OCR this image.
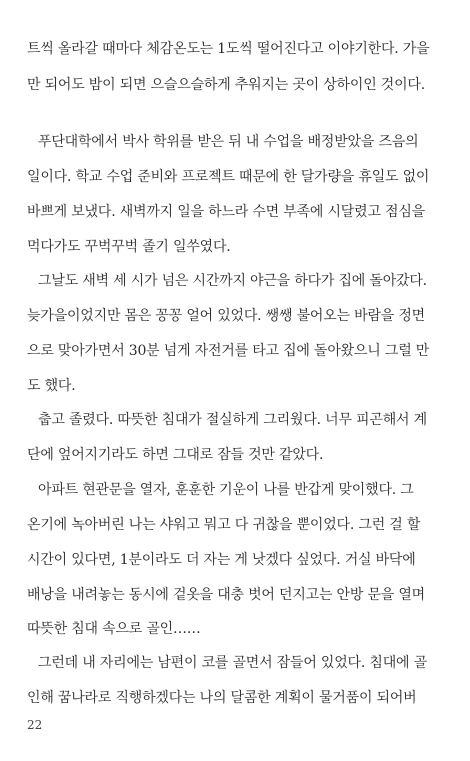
트씩 올라갈 때마다 체감온도는 1도씩 떨어진다고 이야기한다. 가을
만 되어도 밤이 되면 으슬으슬하게 추워지는 곳이 상하이인 것이다.
푸단대학에서 박사 학위를 받은 뒤 내 수업을 배정받았을 즈음의
일이다. 학교 수업 준비와 프로젝트 때문에 한 달가량을 휴일도 없이
바쁘게 보냈다. 새벽까지 일을 하느라 수면 부족에 시달렸고 점심을
먹다가도 꾸벅꾸벅 졸기 일쑤였다.
그날도 새벽 세 시가 넘은 시간까지 야근을 하다가 집에 돌아갔다.
늦가을이었지만 몸은 꽁꽁 얼어 있었다. 쌩쌩 불어오는 바람을 정면
으로 맞아가면서 30분 넘게 자전거를 타고 집에 돌아왔으니 그럴 만
도 했다.
춥고 졸렸다. 따뜻한 침대가 절실하게 그리웠다. 너무 피곤해서 계
단에 엎어지기라도 하면 그대로 잠들 것만 같았다.
아파트 현관문을 열자, 훈훈한 기운이 나를 반갑게 맞이했다. 그
온기에 녹아버린 나는 샤워고 뭐고 다 귀찮을 뿐이었다. 그런 걸 할
시간이 있다면, 1분이라도 더 자는 게 낫겠다 싶었다. 거실 바닥에
배낭을 내려놓는 동시에 겉옷을 대충 벗어 던지고는 안방 문을 열며
따뜻한 침대 속으로 골인……
그런데 내 자리에는 남편이 코를 골면서 잠들어 있었다. 침대에 골
인해 꿈나라로 직행하겠다는 나의 달콤한 계획이 물거품이 되어버
22
